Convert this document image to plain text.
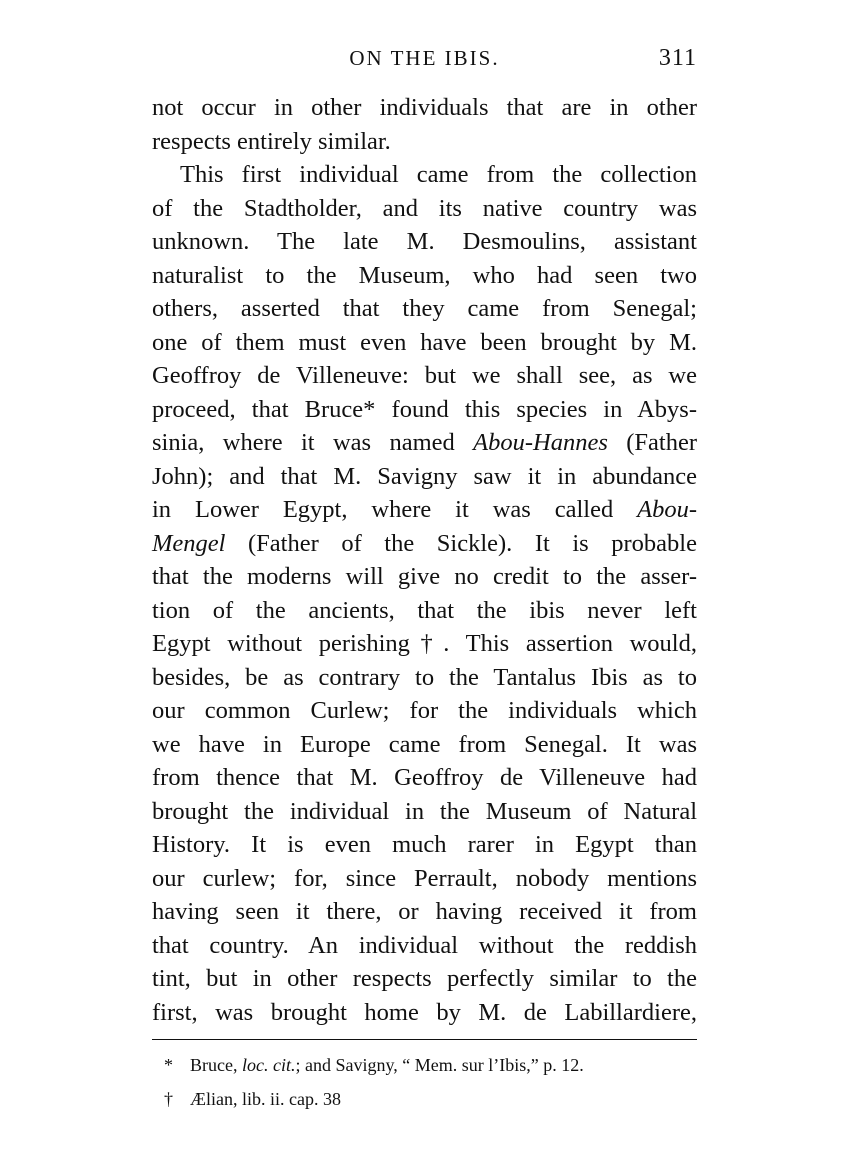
ON THE IBIS.	311
not occur in other individuals that are in other
respects entirely similar.
This first individual came from the collection
of the Stadtholder, and its native country was
unknown. The late M. Desmoulins, assistant
naturalist to the Museum, who had seen two
others, asserted that they came from Senegal;
one of them must even have been brought by M.
Geoffroy de Villeneuve: but we shall see, as we
proceed, that Bruce* found this species in Abys-
sinia, where it was named Abou-Hannes (Father
John); and that M. Savigny saw it in abundance
in Lower Egypt, where it was called Abou-
Mengel (Father of the Sickle). It is probable
that the moderns will give no credit to the asser-
tion of the ancients, that the ibis never left
Egypt without perishing†. This assertion would,
besides, be as contrary to the Tantalus Ibis as to
our common Curlew; for the individuals which
we have in Europe came from Senegal. It was
from thence that M. Geoffroy de Villeneuve had
brought the individual in the Museum of Natural
History. It is even much rarer in Egypt than
our curlew; for, since Perrault, nobody mentions
having seen it there, or having received it from
that country. An individual without the reddish
tint, but in other respects perfectly similar to the
first, was brought home by M. de Labillardiere,
* Bruce, loc. cit.; and Savigny, “ Mem. sur l’Ibis,” p. 12.
† Ælian, lib. ii. cap. 38
